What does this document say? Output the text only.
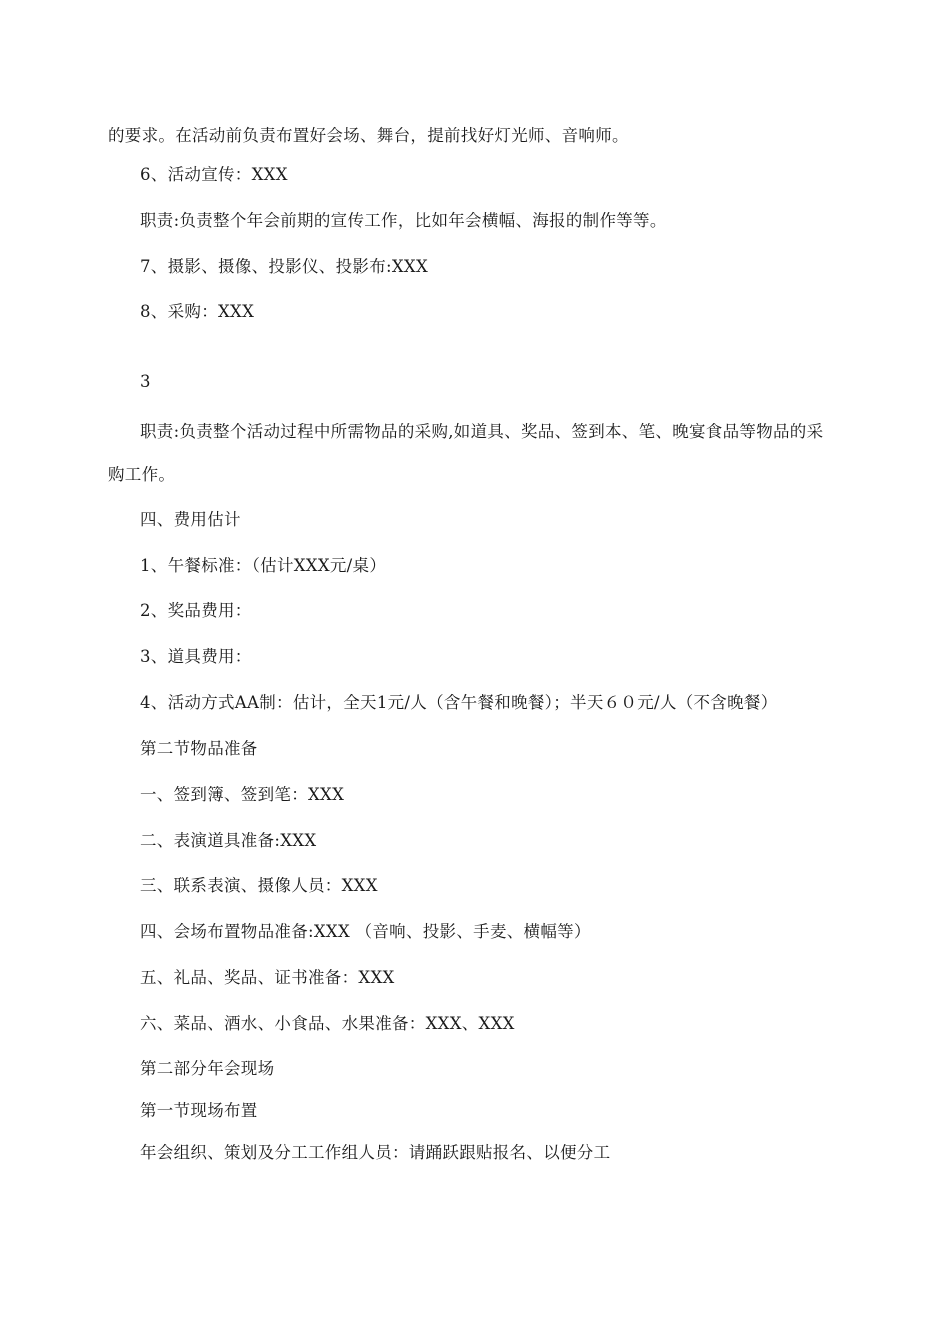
的要求。在活动前负责布置好会场、舞台，提前找好灯光师、音响师。
6、活动宣传：XXX
职责:负责整个年会前期的宣传工作，比如年会横幅、海报的制作等等。
7、摄影、摄像、投影仪、投影布:XXX
8、采购：XXX
3
职责:负责整个活动过程中所需物品的采购,如道具、奖品、签到本、笔、晚宴食品等物品的采
购工作。
四、费用估计
1、午餐标准：（估计XXX元/桌）
2、奖品费用：
3、道具费用：
4、活动方式AA制：估计，全天1元/人（含午餐和晚餐）；半天６０元/人（不含晚餐）
第二节物品准备
一、签到簿、签到笔：XXX
二、表演道具准备:XXX
三、联系表演、摄像人员：XXX
四、会场布置物品准备:XXX （音响、投影、手麦、横幅等）
五、礼品、奖品、证书准备：XXX
六、菜品、酒水、小食品、水果准备：XXX、XXX
第二部分年会现场
第一节现场布置
年会组织、策划及分工工作组人员：请踊跃跟贴报名、以便分工
